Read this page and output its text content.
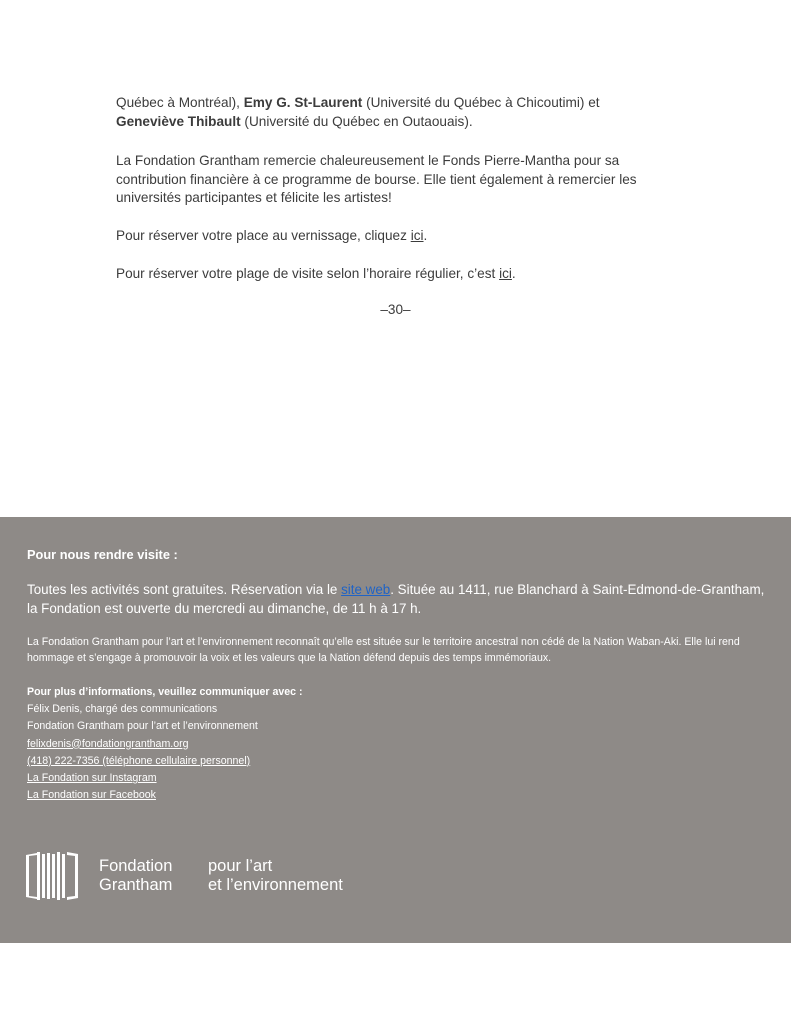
Québec à Montréal), Emy G. St-Laurent (Université du Québec à Chicoutimi) et
Geneviève Thibault (Université du Québec en Outaouais).

La Fondation Grantham remercie chaleureusement le Fonds Pierre-Mantha pour sa contribution financière à ce programme de bourse. Elle tient également à remercier les universités participantes et félicite les artistes!

Pour réserver votre place au vernissage, cliquez ici.

Pour réserver votre plage de visite selon l’horaire régulier, c’est ici.

–30–
Pour nous rendre visite :
Toutes les activités sont gratuites. Réservation via le site web. Située au 1411, rue Blanchard à Saint-Edmond-de-Grantham, la Fondation est ouverte du mercredi au dimanche, de 11 h à 17 h.
La Fondation Grantham pour l’art et l’environnement reconnaît qu’elle est située sur le territoire ancestral non cédé de la Nation Waban-Aki. Elle lui rend hommage et s’engage à promouvoir la voix et les valeurs que la Nation défend depuis des temps immémoriaux.
Pour plus d’informations, veuillez communiquer avec :
Félix Denis, chargé des communications
Fondation Grantham pour l’art et l’environnement
felixdenis@fondationgrantham.org
(418) 222-7356 (téléphone cellulaire personnel)
La Fondation sur Instagram
La Fondation sur Facebook
Fondation
Grantham
pour l’art
et l’environnement
